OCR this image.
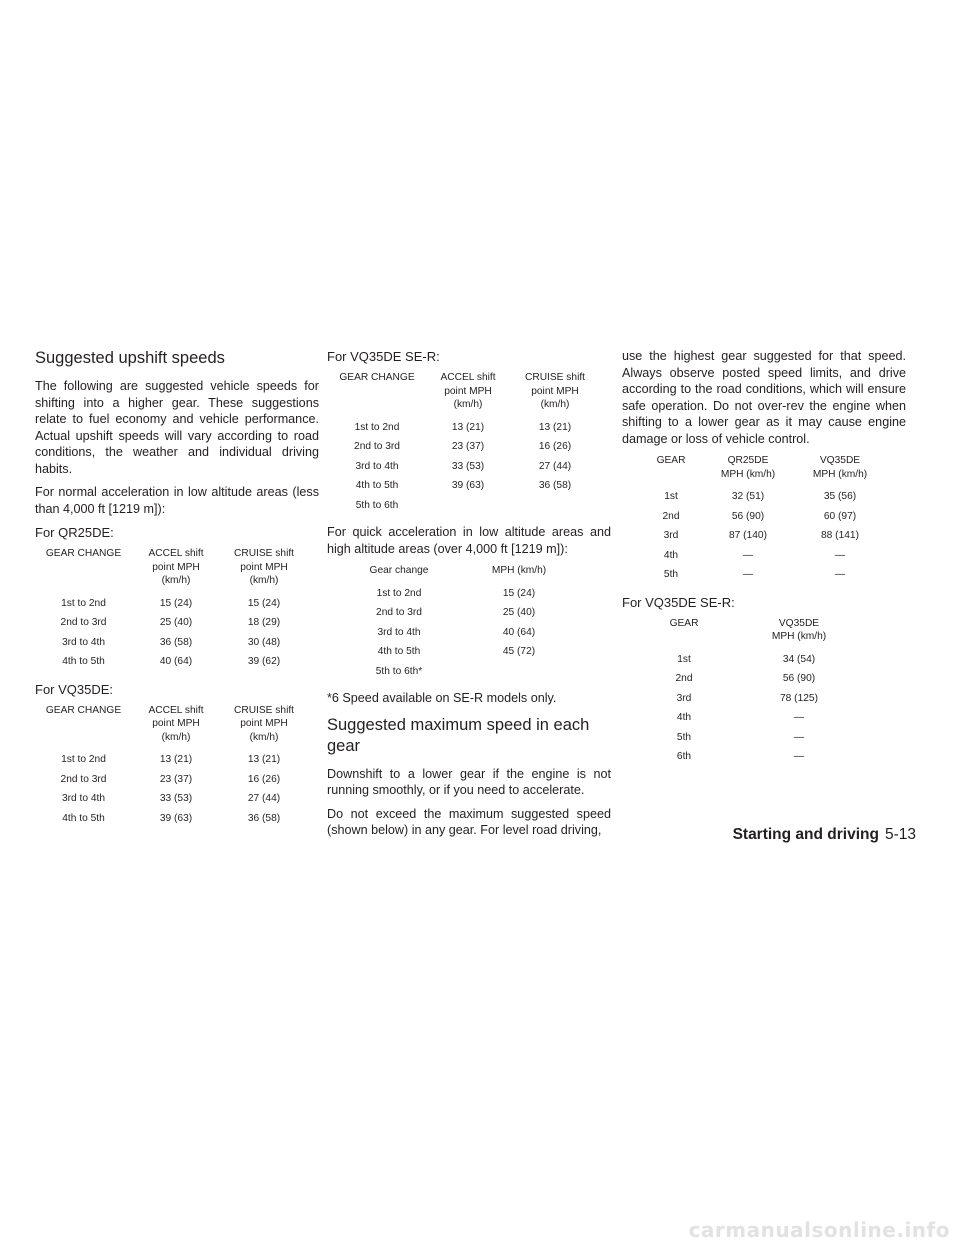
Suggested upshift speeds

The following are suggested vehicle speeds for shifting into a higher gear. These suggestions relate to fuel economy and vehicle performance. Actual upshift speeds will vary according to road conditions, the weather and individual driving habits.

For normal acceleration in low altitude areas (less than 4,000 ft [1219 m]):

For QR25DE:

GEAR CHANGE	ACCEL shift
point MPH
(km/h)	CRUISE shift
point MPH
(km/h)
1st to 2nd	15 (24)	15 (24)
2nd to 3rd	25 (40)	18 (29)
3rd to 4th	36 (58)	30 (48)
4th to 5th	40 (64)	39 (62)

For VQ35DE:

GEAR CHANGE	ACCEL shift
point MPH
(km/h)	CRUISE shift
point MPH
(km/h)
1st to 2nd	13 (21)	13 (21)
2nd to 3rd	23 (37)	16 (26)
3rd to 4th	33 (53)	27 (44)
4th to 5th	39 (63)	36 (58)

For VQ35DE SE-R:

GEAR CHANGE	ACCEL shift
point MPH
(km/h)	CRUISE shift
point MPH
(km/h)
1st to 2nd	13 (21)	13 (21)
2nd to 3rd	23 (37)	16 (26)
3rd to 4th	33 (53)	27 (44)
4th to 5th	39 (63)	36 (58)
5th to 6th		

For quick acceleration in low altitude areas and high altitude areas (over 4,000 ft [1219 m]):

Gear change	MPH (km/h)
1st to 2nd	15 (24)
2nd to 3rd	25 (40)
3rd to 4th	40 (64)
4th to 5th	45 (72)
5th to 6th*	

*6 Speed available on SE-R models only.

Suggested maximum speed in each gear

Downshift to a lower gear if the engine is not running smoothly, or if you need to accelerate.

Do not exceed the maximum suggested speed (shown below) in any gear. For level road driving,

use the highest gear suggested for that speed. Always observe posted speed limits, and drive according to the road conditions, which will ensure safe operation. Do not over-rev the engine when shifting to a lower gear as it may cause engine damage or loss of vehicle control.

GEAR	QR25DE
MPH (km/h)	VQ35DE
MPH (km/h)
1st	32 (51)	35 (56)
2nd	56 (90)	60 (97)
3rd	87 (140)	88 (141)
4th	—	—
5th	—	—

For VQ35DE SE-R:

GEAR	VQ35DE
MPH (km/h)
1st	34 (54)
2nd	56 (90)
3rd	78 (125)
4th	—
5th	—
6th	—
Starting and driving 5-13
carmanualsonline.info
